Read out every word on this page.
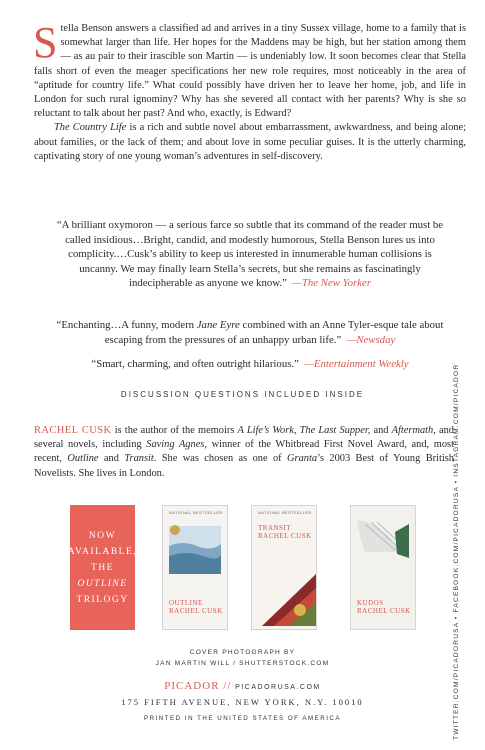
Stella Benson answers a classified ad and arrives in a tiny Sussex village, home to a family that is somewhat larger than life. Her hopes for the Maddens may be high, but her station among them — as au pair to their irascible son Martin — is undeniably low. It soon becomes clear that Stella falls short of even the meager specifications her new role requires, most noticeably in the area of “aptitude for country life.” What could possibly have driven her to leave her home, job, and life in London for such rural ignominy? Why has she severed all contact with her parents? Why is she so reluctant to talk about her past? And who, exactly, is Edward?

The Country Life is a rich and subtle novel about embarrassment, awkwardness, and being alone; about families, or the lack of them; and about love in some peculiar guises. It is the utterly charming, captivating story of one young woman’s adventures in self-discovery.

“A brilliant oxymoron — a serious farce so subtle that its command of the reader must be called insidious…Bright, candid, and modestly humorous, Stella Benson lures us into complicity.…Cusk’s ability to keep us interested in innumerable human collisions is uncanny. We may finally learn Stella’s secrets, but she remains as fascinatingly indecipherable as anyone we know.” —The New Yorker
“Enchanting…A funny, modern Jane Eyre combined with an Anne Tyler-esque tale about escaping from the pressures of an unhappy urban life.” —Newsday
“Smart, charming, and often outright hilarious.” —Entertainment Weekly
DISCUSSION QUESTIONS INCLUDED INSIDE
RACHEL CUSK is the author of the memoirs A Life’s Work, The Last Supper, and Aftermath, and several novels, including Saving Agnes, winner of the Whitbread First Novel Award, and, most recent, Outline and Transit. She was chosen as one of Granta’s 2003 Best of Young British Novelists. She lives in London.
NOW
AVAILABLE,
THE
OUTLINE
TRILOGY
NATIONAL BESTSELLER
OUTLINE
RACHEL CUSK
NATIONAL BESTSELLER
TRANSIT
RACHEL CUSK
KUDOS
RACHEL CUSK
COVER PHOTOGRAPH BY
JAN MARTIN WILL / SHUTTERSTOCK.COM
PICADOR // PICADORUSA.COM
175 FIFTH AVENUE, NEW YORK, N.Y. 10010
PRINTED IN THE UNITED STATES OF AMERICA	TWITTER.COM/PICADORUSA • FACEBOOK.COM/PICADORUSA • INSTAGRAM.COM/PICADOR
